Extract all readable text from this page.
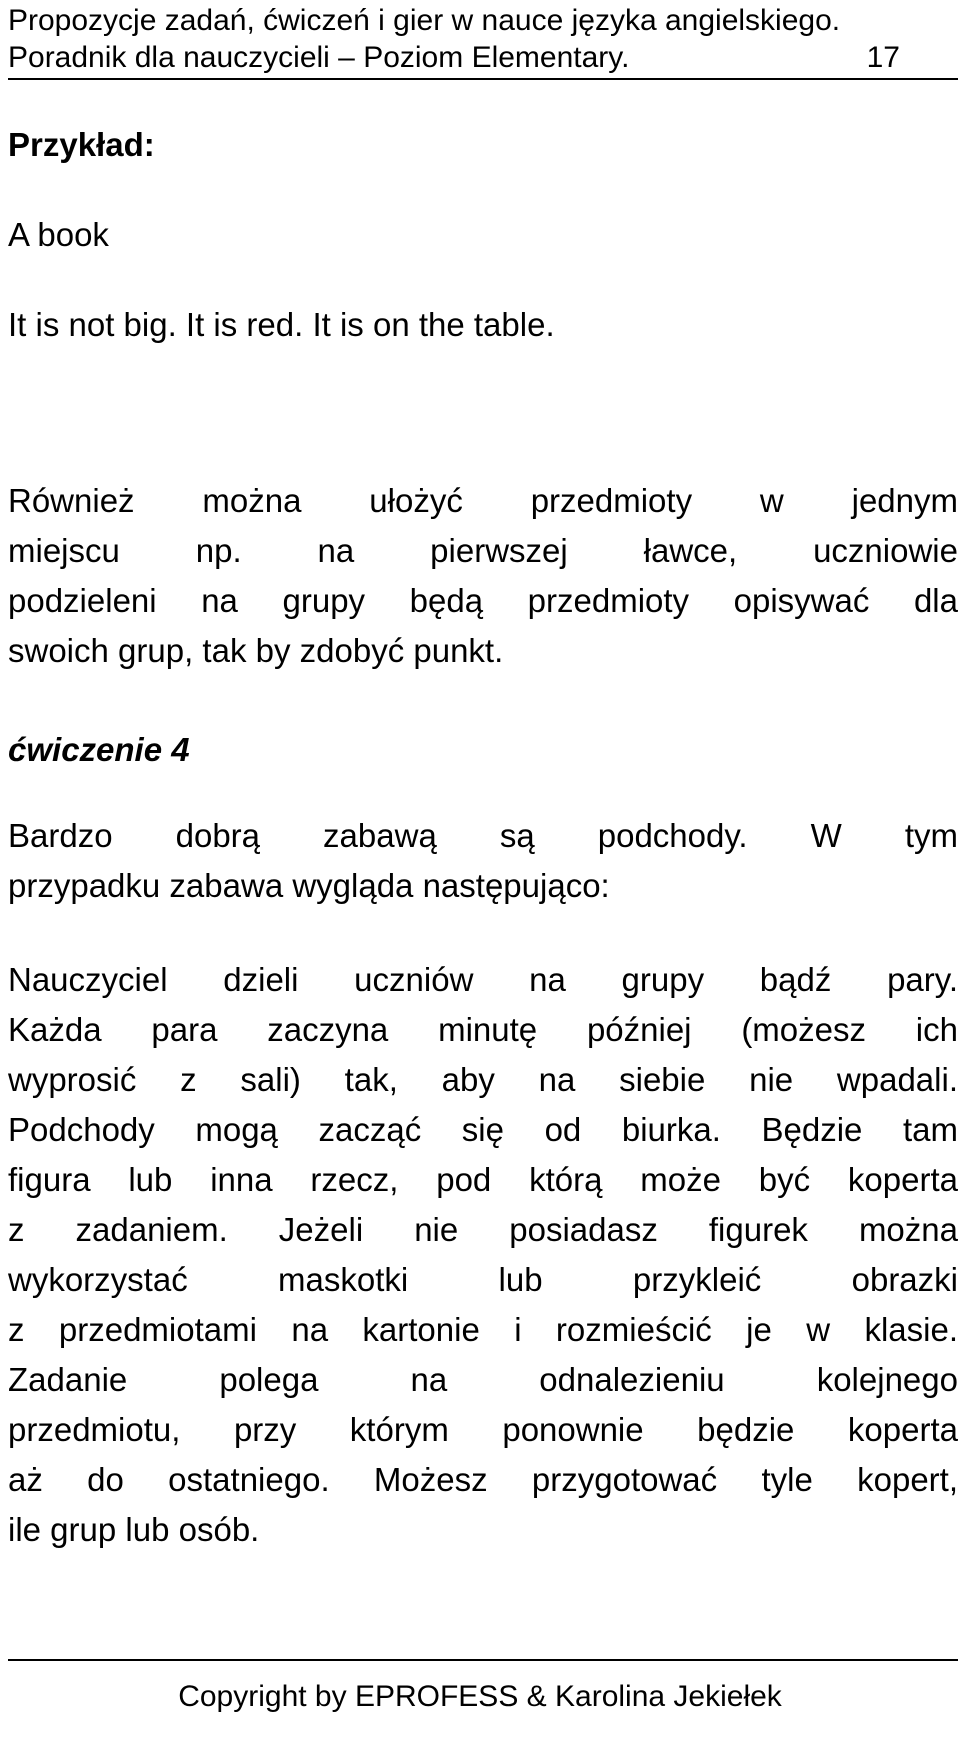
Propozycje zadań, ćwiczeń i gier w nauce języka angielskiego.
Poradnik dla nauczycieli – Poziom Elementary.	17
Przykład:
A book
It is not big. It is red. It is on the table.
Również można ułożyć przedmioty w jednym
miejscu np. na pierwszej ławce, uczniowie
podzieleni na grupy będą przedmioty opisywać dla
swoich grup, tak by zdobyć punkt.
ćwiczenie 4
Bardzo dobrą zabawą są podchody. W tym
przypadku zabawa wygląda następująco:
Nauczyciel dzieli uczniów na grupy bądź pary.
Każda para zaczyna minutę później (możesz ich
wyprosić z sali) tak, aby na siebie nie wpadali.
Podchody mogą zacząć się od biurka. Będzie tam
figura lub inna rzecz, pod którą może być koperta
z zadaniem. Jeżeli nie posiadasz figurek można
wykorzystać maskotki lub przykleić obrazki
z przedmiotami na kartonie i rozmieścić je w klasie.
Zadanie polega na odnalezieniu kolejnego
przedmiotu, przy którym ponownie będzie koperta
aż do ostatniego. Możesz przygotować tyle kopert,
ile grup lub osób.
Copyright by EPROFESS & Karolina Jekiełek
